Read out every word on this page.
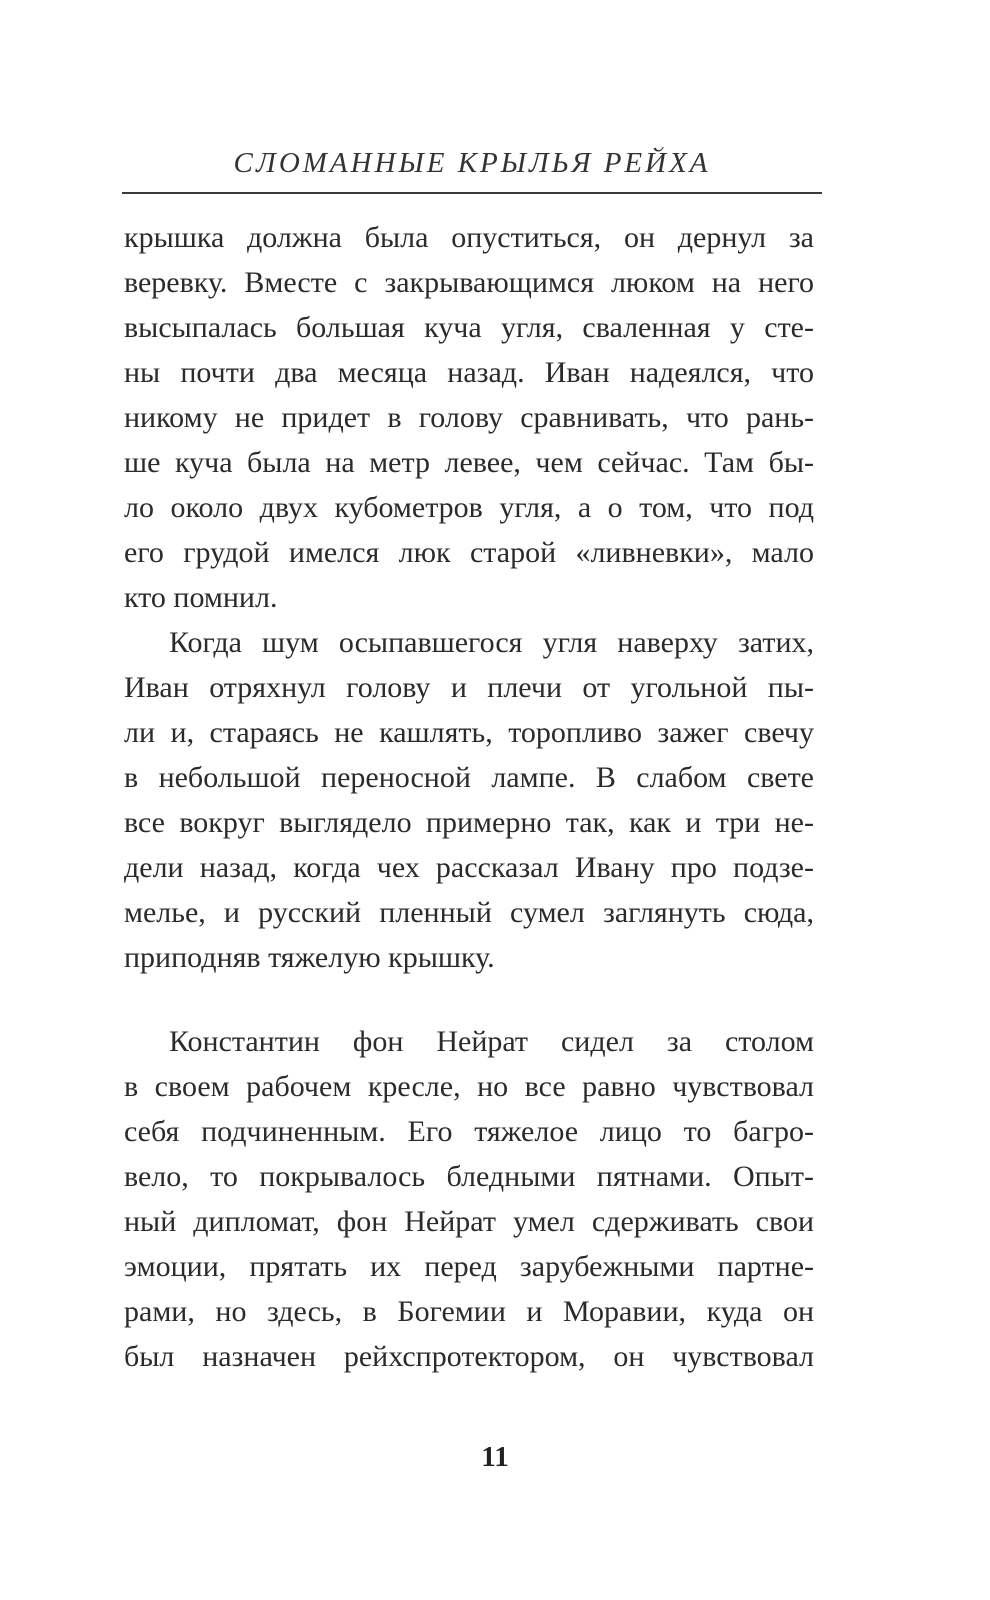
СЛОМАННЫЕ КРЫЛЬЯ РЕЙХА
крышка должна была опуститься, он дернул за
веревку. Вместе с закрывающимся люком на него
высыпалась большая куча угля, сваленная у сте-
ны почти два месяца назад. Иван надеялся, что
никому не придет в голову сравнивать, что рань-
ше куча была на метр левее, чем сейчас. Там бы-
ло около двух кубометров угля, а о том, что под
его грудой имелся люк старой «ливневки», мало
кто помнил.
Когда шум осыпавшегося угля наверху затих,
Иван отряхнул голову и плечи от угольной пы-
ли и, стараясь не кашлять, торопливо зажег свечу
в небольшой переносной лампе. В слабом свете
все вокруг выглядело примерно так, как и три не-
дели назад, когда чех рассказал Ивану про подзе-
мелье, и русский пленный сумел заглянуть сюда,
приподняв тяжелую крышку.
Константин фон Нейрат сидел за столом
в своем рабочем кресле, но все равно чувствовал
себя подчиненным. Его тяжелое лицо то багро-
вело, то покрывалось бледными пятнами. Опыт-
ный дипломат, фон Нейрат умел сдерживать свои
эмоции, прятать их перед зарубежными партне-
рами, но здесь, в Богемии и Моравии, куда он
был назначен рейхспротектором, он чувствовал
11
